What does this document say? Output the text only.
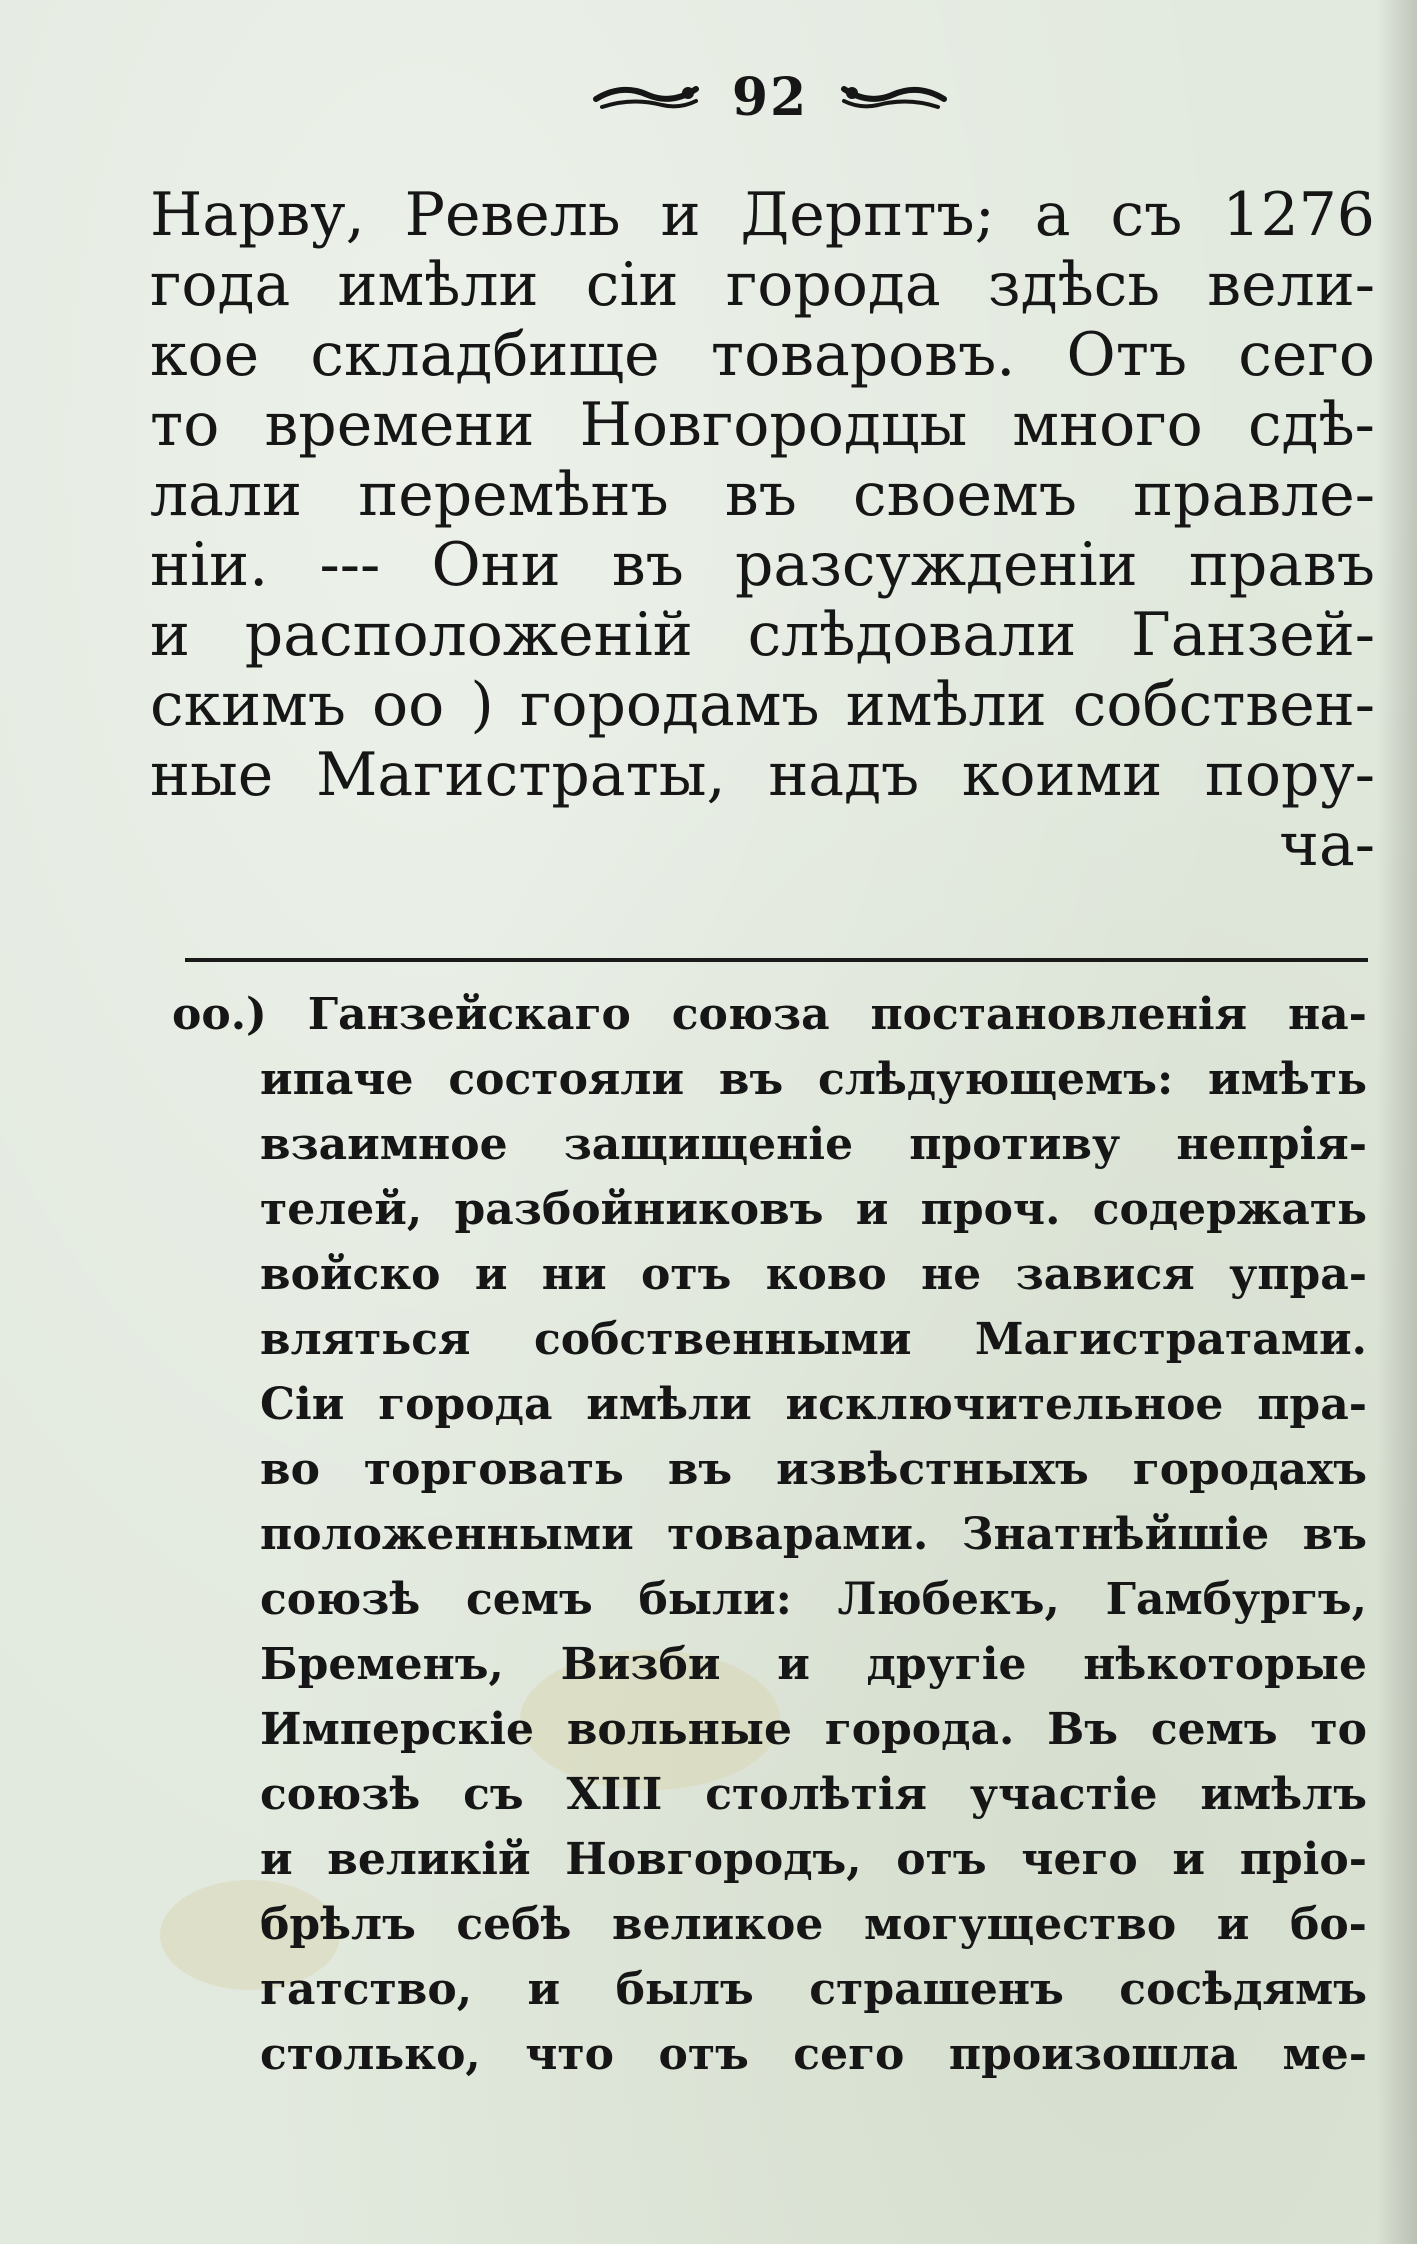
92
Нарву, Ревель и Дерптъ; а съ 1276
года имѣли сiи города здѣсь вели-
кое складбище товаровъ. Отъ сего
то времени Новгородцы много сдѣ-
лали перемѣнъ въ своемъ правле-
нiи. --- Они въ разсужденiи правъ
и расположенiй слѣдовали Ганзей-
скимъ оо ) городамъ имѣли собствен-
ные Магистраты, надъ коими пору-
ча-
оо.) Ганзейскаго союза постановленiя на-
ипаче состояли въ слѣдующемъ: имѣть
взаимное защищенiе противу непрiя-
телей, разбойниковъ и проч. содержать
войско и ни отъ ково не завися упра-
вляться собственными Магистратами.
Сiи города имѣли исключительное пра-
во торговать въ извѣстныхъ городахъ
положенными товарами. Знатнѣйшiе въ
союзѣ семъ были: Любекъ, Гамбургъ,
Бременъ, Визби и другiе нѣкоторые
Имперскiе вольные города. Въ семъ то
союзѣ съ XIII столѣтiя участiе имѣлъ
и великiй Новгородъ, отъ чего и прio-
брѣлъ себѣ великое могущество и бо-
гатство, и былъ страшенъ сосѣдямъ
столько, что отъ сего произошла ме-
